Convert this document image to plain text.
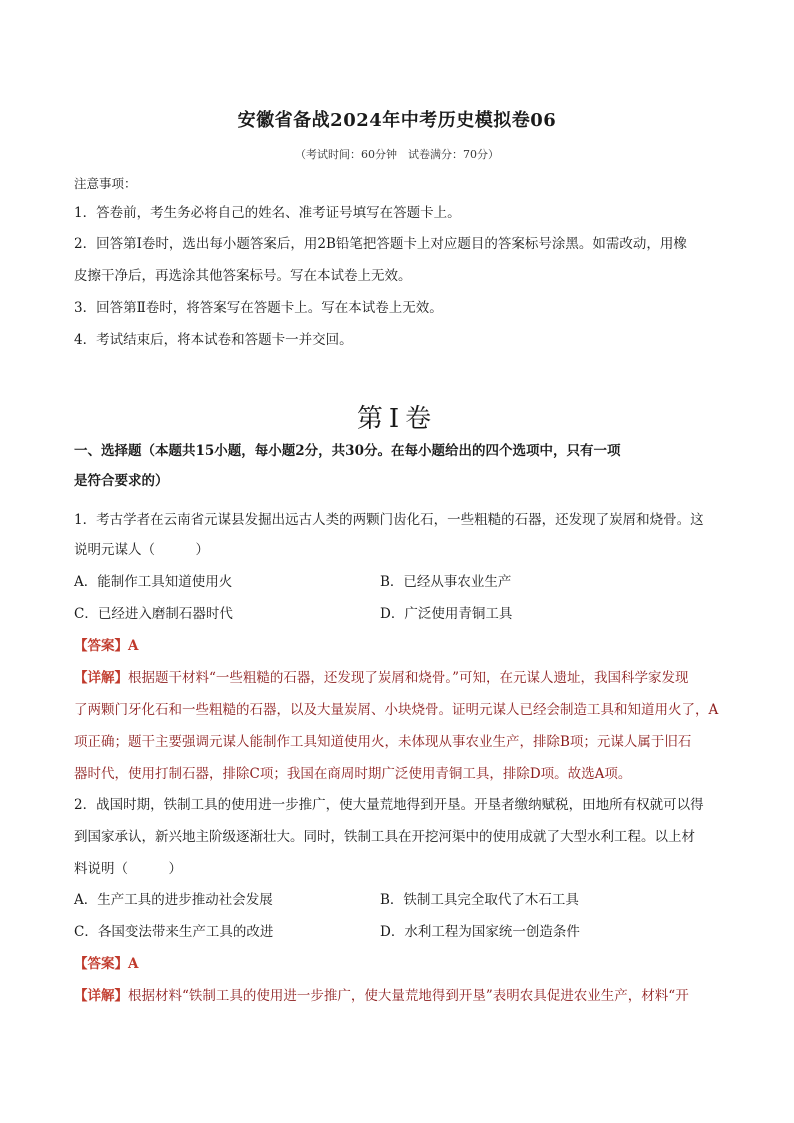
安徽省备战2024年中考历史模拟卷06
（考试时间：60分钟　试卷满分：70分）
注意事项：
1．答卷前，考生务必将自己的姓名、准考证号填写在答题卡上。
2．回答第Ⅰ卷时，选出每小题答案后，用2B铅笔把答题卡上对应题目的答案标号涂黑。如需改动，用橡
皮擦干净后，再选涂其他答案标号。写在本试卷上无效。
3．回答第Ⅱ卷时，将答案写在答题卡上。写在本试卷上无效。
4．考试结束后，将本试卷和答题卡一并交回。
第Ⅰ卷
一、选择题（本题共15小题，每小题2分，共30分。在每小题给出的四个选项中，只有一项
是符合要求的）
1．考古学者在云南省元谋县发掘出远古人类的两颗门齿化石，一些粗糙的石器，还发现了炭屑和烧骨。这
说明元谋人（　　　）
A．能制作工具知道使用火	B．已经从事农业生产
C．已经进入磨制石器时代	D．广泛使用青铜工具
【答案】A
【详解】根据题干材料“一些粗糙的石器，还发现了炭屑和烧骨。”可知，在元谋人遗址，我国科学家发现
了两颗门牙化石和一些粗糙的石器，以及大量炭屑、小块烧骨。证明元谋人已经会制造工具和知道用火了，A
项正确；题干主要强调元谋人能制作工具知道使用火，未体现从事农业生产，排除B项；元谋人属于旧石
器时代，使用打制石器，排除C项；我国在商周时期广泛使用青铜工具，排除D项。故选A项。
2．战国时期，铁制工具的使用进一步推广，使大量荒地得到开垦。开垦者缴纳赋税，田地所有权就可以得
到国家承认，新兴地主阶级逐渐壮大。同时，铁制工具在开挖河渠中的使用成就了大型水利工程。以上材
料说明（　　　）
A．生产工具的进步推动社会发展	B．铁制工具完全取代了木石工具
C．各国变法带来生产工具的改进	D．水利工程为国家统一创造条件
【答案】A
【详解】根据材料“铁制工具的使用进一步推广，使大量荒地得到开垦”表明农具促进农业生产，材料“开
